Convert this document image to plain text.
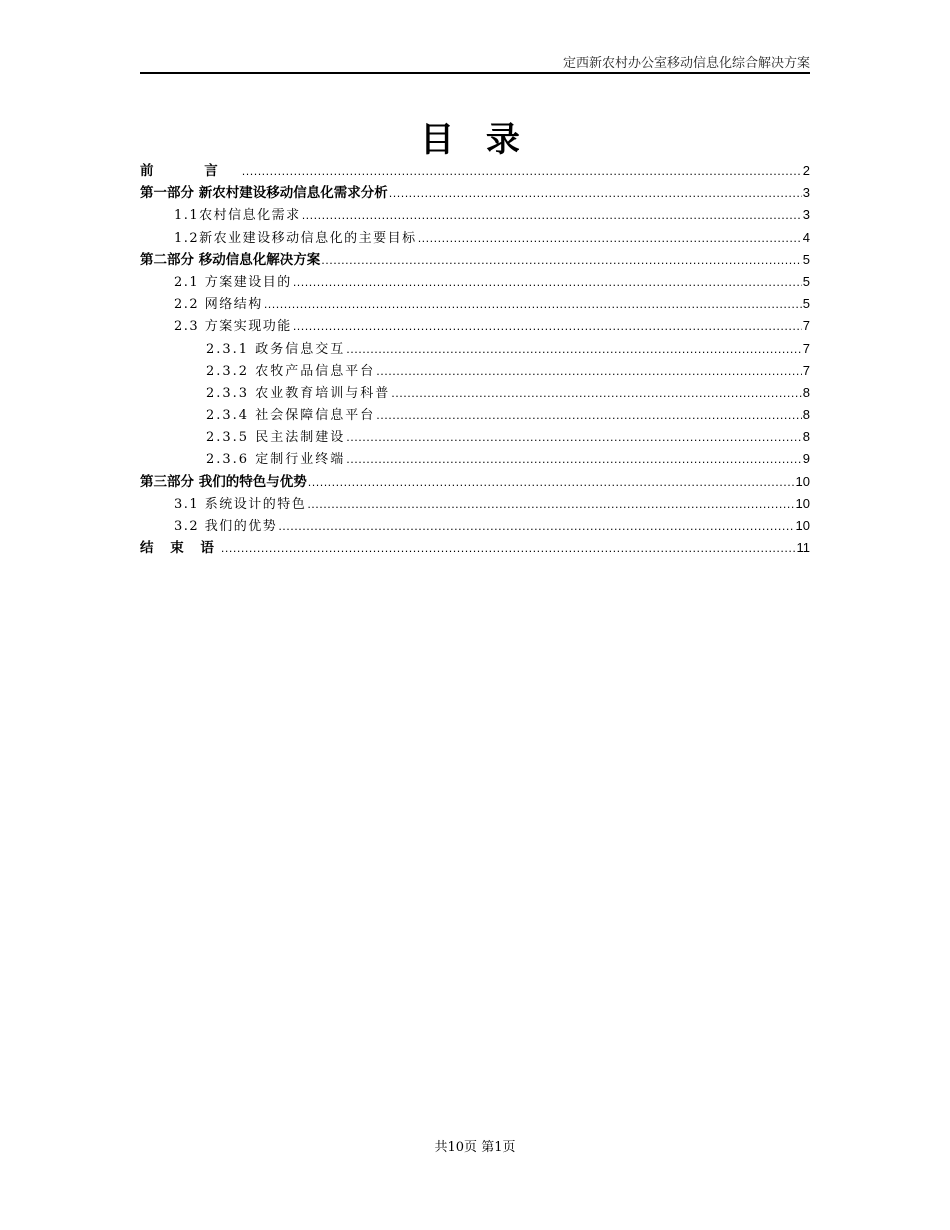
定西新农村办公室移动信息化综合解决方案
目 录
前 言 .....	2
第一部分 新农村建设移动信息化需求分析 .....	3
1.1农村信息化需求 .....	3
1.2新农业建设移动信息化的主要目标 .....	4
第二部分 移动信息化解决方案 .....	5
2.1 方案建设目的 .....	5
2.2 网络结构 .....	5
2.3 方案实现功能 .....	7
2.3.1 政务信息交互 .....	7
2.3.2 农牧产品信息平台 .....	7
2.3.3 农业教育培训与科普 .....	8
2.3.4 社会保障信息平台 .....	8
2.3.5 民主法制建设 .....	8
2.3.6 定制行业终端 .....	9
第三部分 我们的特色与优势 .....	10
3.1 系统设计的特色 .....	10
3.2 我们的优势 .....	10
结 束 语 .....	11
共10页 第1页
